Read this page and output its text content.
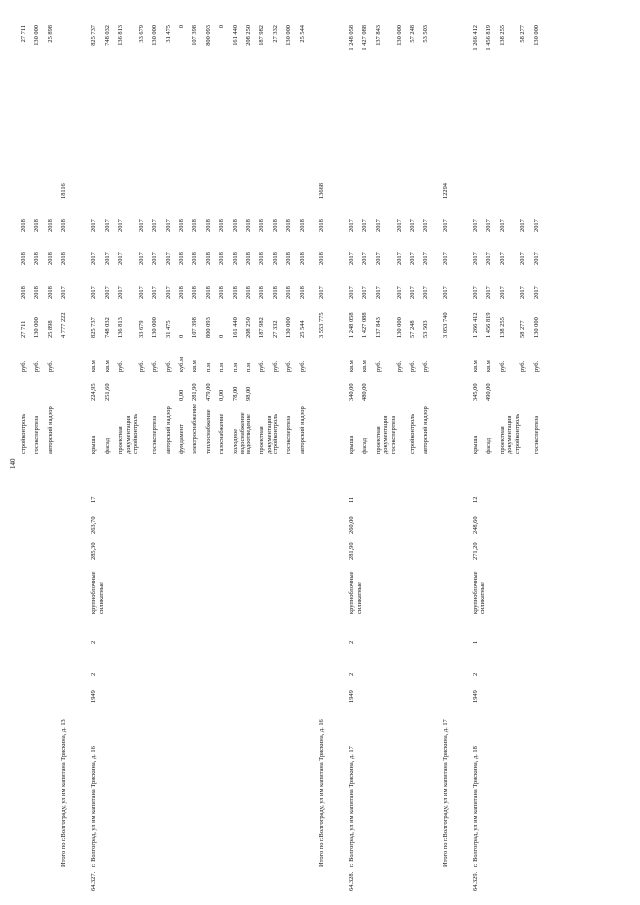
140
стройконтроль
руб.
27 711
2018
2018
2018
27 711
госэкспертиза
руб.
130 000
2018
2018
2018
130 000
авторский надзор
руб.
25 898
2018
2018
2018
25 898
Итого по г.Волгограду, ул им капитана Тряскина, д. 13
4 777 222
2017
2018
2018
18116
64.327.
г. Волгоград, ул им капитана Тряскина, д. 16
1949
2
2
крупноблочные силикатные
285,30
263,70
17
крыша
224,95
кв.м
825 737
2017
2017
2017
825 737
фасад
251,60
кв.м
748 032
2017
2017
2017
748 032
проектная документация стройконтроль
руб.
136 813
2017
2017
2017
136 813
руб.
33 679
2017
2017
2017
33 679
госэкспертиза
руб.
130 000
2017
2017
2017
130 000
авторский надзор
руб.
31 475
2017
2017
2017
31 475
фундамент
0,00
куб.м
0
2018
2018
2018
0
электроснабжение
281,90
кв.м
107 398
2018
2018
2018
107 398
теплоснабжение
479,00
п.м
800 093
2018
2018
2018
800 093
газоснабжение
0,00
п.м
0
2018
2018
2018
0
холодное водоснабжение
78,00
п.м
161 440
2018
2018
2018
161 440
водоотведение
98,00
п.м
208 250
2018
2018
2018
208 250
проектная документация
руб.
187 982
2018
2018
2018
187 982
стройконтроль
руб.
27 332
2018
2018
2018
27 332
госэкспертиза
руб.
130 000
2018
2018
2018
130 000
авторский надзор
руб.
25 544
2018
2018
2018
25 544
Итого по г.Волгограду, ул им капитана Тряскина, д. 16
3 553 775
2017
2018
2018
13668
64.328.
г. Волгоград, ул им капитана Тряскина, д. 17
1949
2
2
крупноблочные силикатные
281,90
260,00
11
крыша
340,00
кв.м
1 248 058
2017
2017
2017
1 248 058
фасад
480,00
кв.м
1 427 088
2017
2017
2017
1 427 088
проектная документация госэкспертиза
руб.
137 843
2017
2017
2017
137 843
руб.
130 000
2017
2017
2017
130 000
стройконтроль
руб.
57 248
2017
2017
2017
57 248
авторский надзор
руб.
53 503
2017
2017
2017
53 503
Итого по г.Волгограду, ул им капитана Тряскина, д. 17
3 053 740
2017
2017
2017
12294
64.329.
г. Волгоград, ул им капитана Тряскина, д. 18
1949
2
1
крупноблочные силикатные
271,20
248,60
12
крыша
345,00
кв.м
1 266 412
2017
2017
2017
1 266 412
фасад
490,00
кв.м
1 456 819
2017
2017
2017
1 456 819
проектная документация стройконтроль
руб.
138 255
2017
2017
2017
138 255
руб.
58 277
2017
2017
2017
58 277
госэкспертиза
руб.
130 000
2017
2017
2017
130 000
